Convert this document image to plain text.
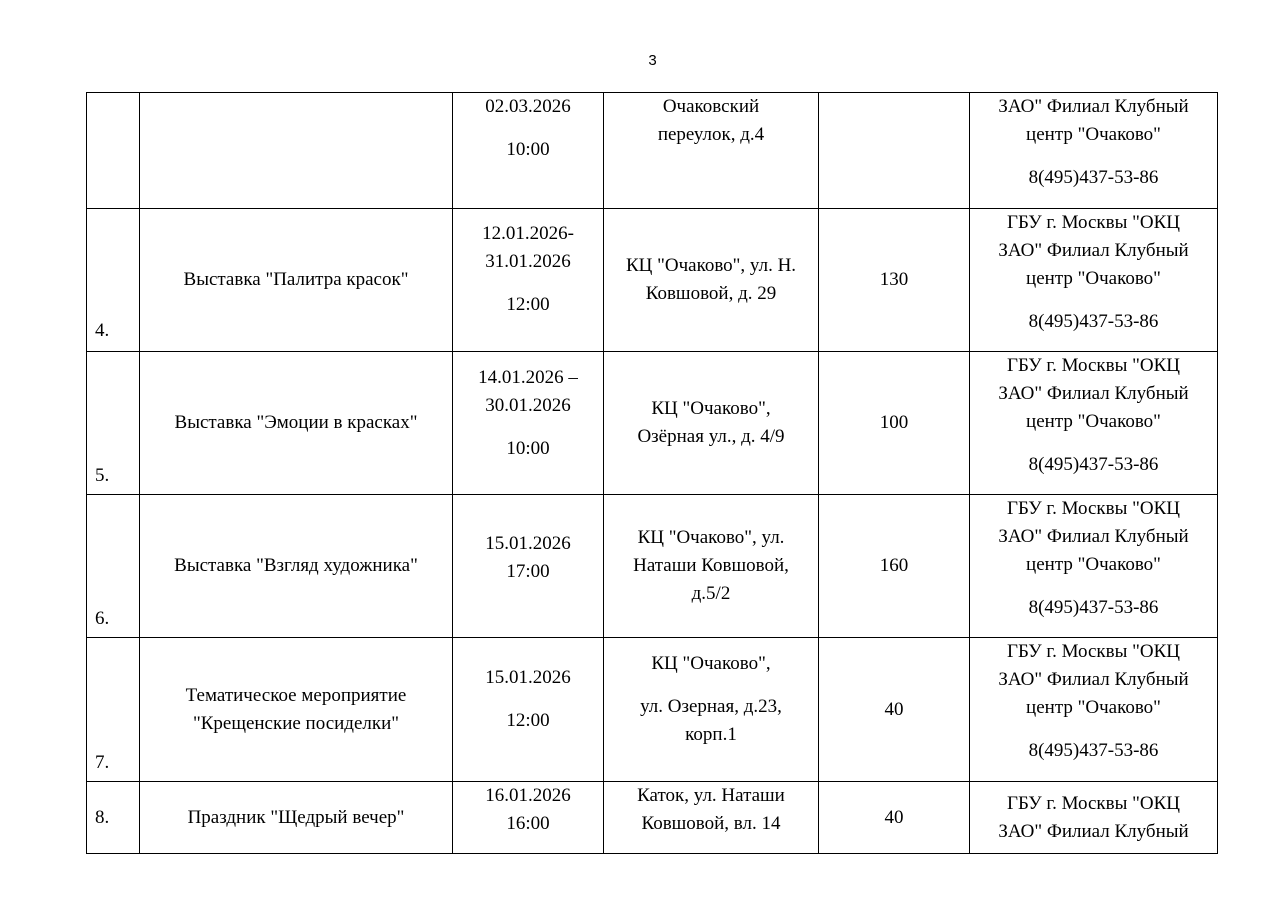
3

		02.03.2026
10:00	Очаковский
переулок, д.4		ЗАО" Филиал Клубный
центр "Очаково"
8(495)437-53-86

4.	Выставка "Палитра красок"	12.01.2026-
31.01.2026
12:00	КЦ "Очаково", ул. Н.
Ковшовой, д. 29	130	ГБУ г. Москвы "ОКЦ
ЗАО" Филиал Клубный
центр "Очаково"
8(495)437-53-86

5.	Выставка "Эмоции в красках"	14.01.2026 –
30.01.2026
10:00	КЦ "Очаково",
Озёрная ул., д. 4/9	100	ГБУ г. Москвы "ОКЦ
ЗАО" Филиал Клубный
центр "Очаково"
8(495)437-53-86

6.	Выставка "Взгляд художника"	15.01.2026
17:00	КЦ "Очаково", ул.
Наташи Ковшовой,
д.5/2	160	ГБУ г. Москвы "ОКЦ
ЗАО" Филиал Клубный
центр "Очаково"
8(495)437-53-86

7.	Тематическое мероприятие
"Крещенские посиделки"	15.01.2026
12:00	КЦ "Очаково",
ул. Озерная, д.23,
корп.1	40	ГБУ г. Москвы "ОКЦ
ЗАО" Филиал Клубный
центр "Очаково"
8(495)437-53-86

8.	Праздник "Щедрый вечер"	16.01.2026
16:00	Каток, ул. Наташи
Ковшовой, вл. 14	40	ГБУ г. Москвы "ОКЦ
ЗАО" Филиал Клубный
